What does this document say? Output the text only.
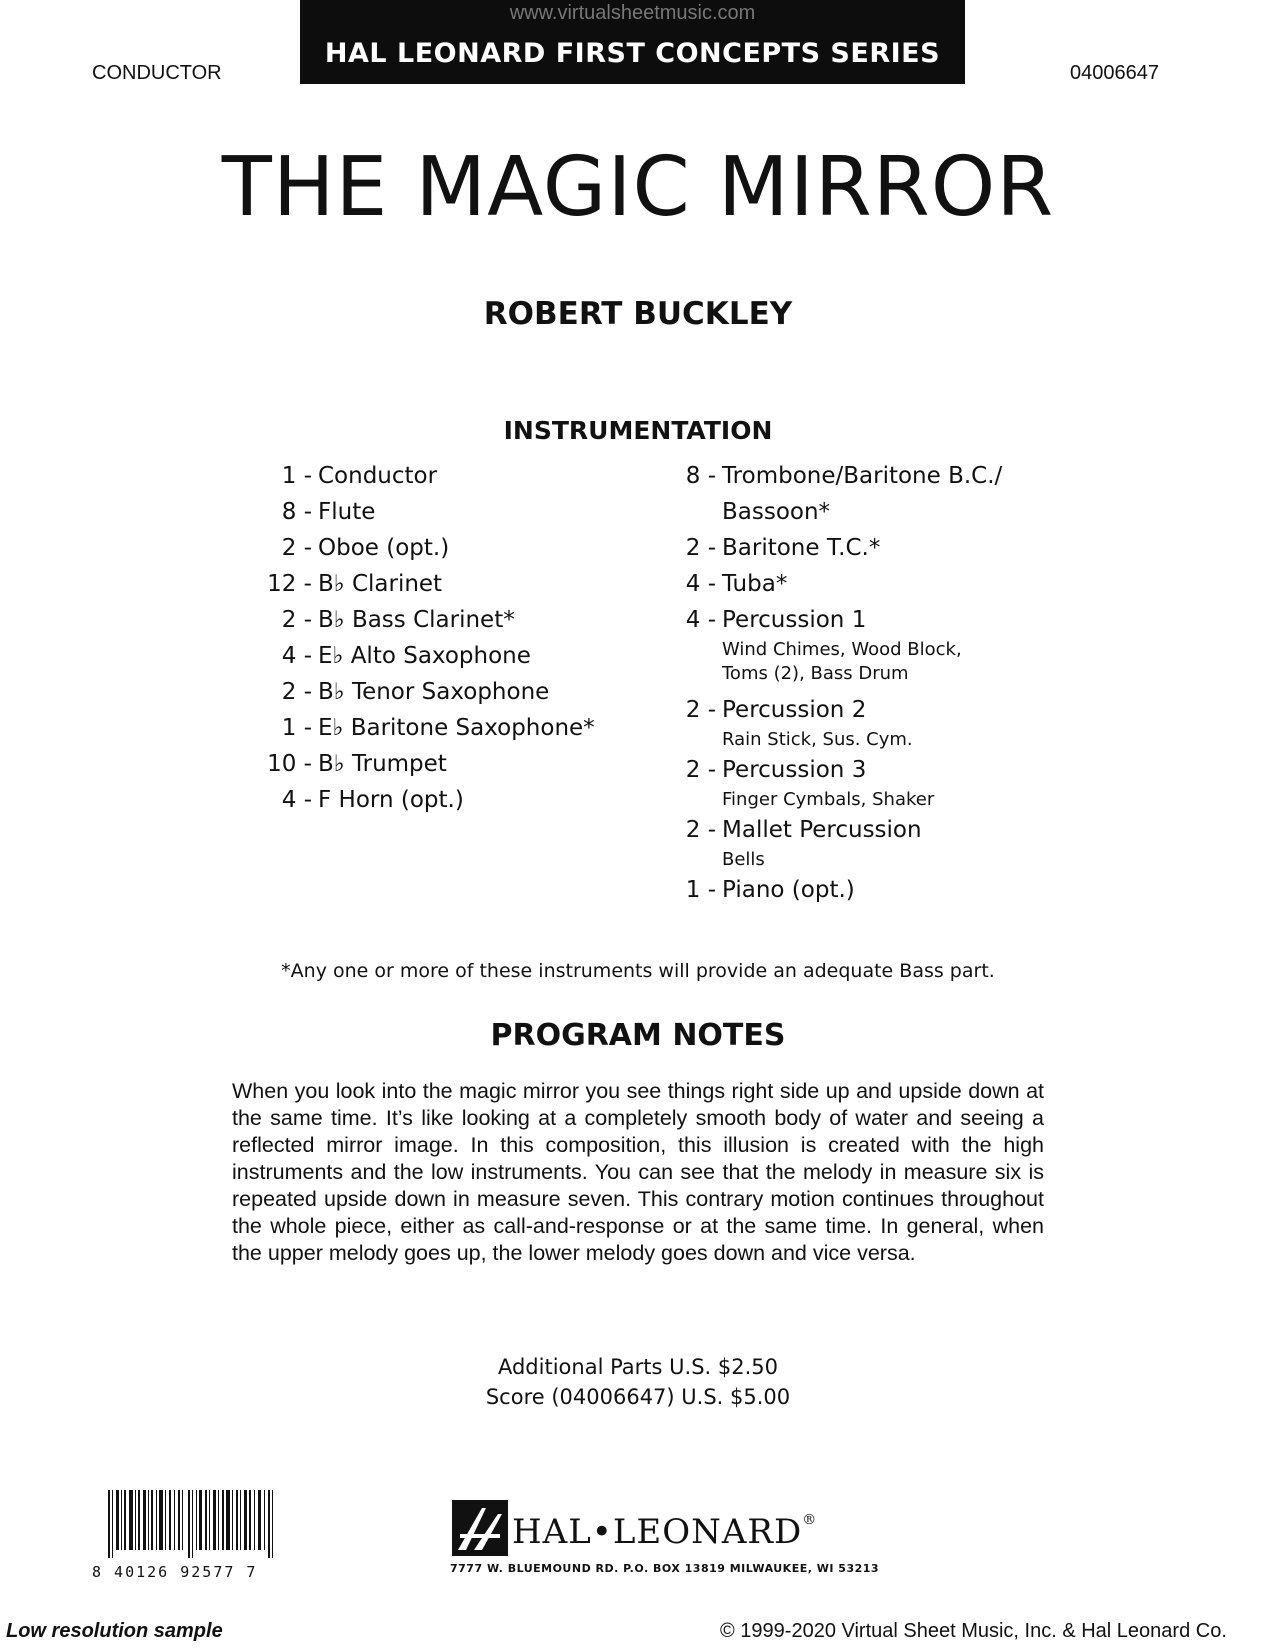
www.virtualsheetmusic.com
HAL LEONARD FIRST CONCEPTS SERIES
CONDUCTOR	04006647
THE MAGIC MIRROR
ROBERT BUCKLEY
INSTRUMENTATION
1 - Conductor
8 - Flute
2 - Oboe (opt.)
12 - B♭ Clarinet
2 - B♭ Bass Clarinet*
4 - E♭ Alto Saxophone
2 - B♭ Tenor Saxophone
1 - E♭ Baritone Saxophone*
10 - B♭ Trumpet
4 - F Horn (opt.)
8 - Trombone/Baritone B.C./
Bassoon*
2 - Baritone T.C.*
4 - Tuba*
4 - Percussion 1
Wind Chimes, Wood Block,
Toms (2), Bass Drum
2 - Percussion 2
Rain Stick, Sus. Cym.
2 - Percussion 3
Finger Cymbals, Shaker
2 - Mallet Percussion
Bells
1 - Piano (opt.)
*Any one or more of these instruments will provide an adequate Bass part.
PROGRAM NOTES
When you look into the magic mirror you see things right side up and upside down at the same time. It’s like looking at a completely smooth body of water and seeing a reflected mirror image. In this composition, this illusion is created with the high instruments and the low instruments. You can see that the melody in measure six is repeated upside down in measure seven. This contrary motion continues throughout the whole piece, either as call-and-response or at the same time. In general, when the upper melody goes up, the lower melody goes down and vice versa.
Additional Parts U.S. $2.50
Score (04006647) U.S. $5.00
8 40126 92577 7
HAL•LEONARD®
7777 W. BLUEMOUND RD. P.O. BOX 13819 MILWAUKEE, WI 53213
Low resolution sample	© 1999-2020 Virtual Sheet Music, Inc. & Hal Leonard Co.
